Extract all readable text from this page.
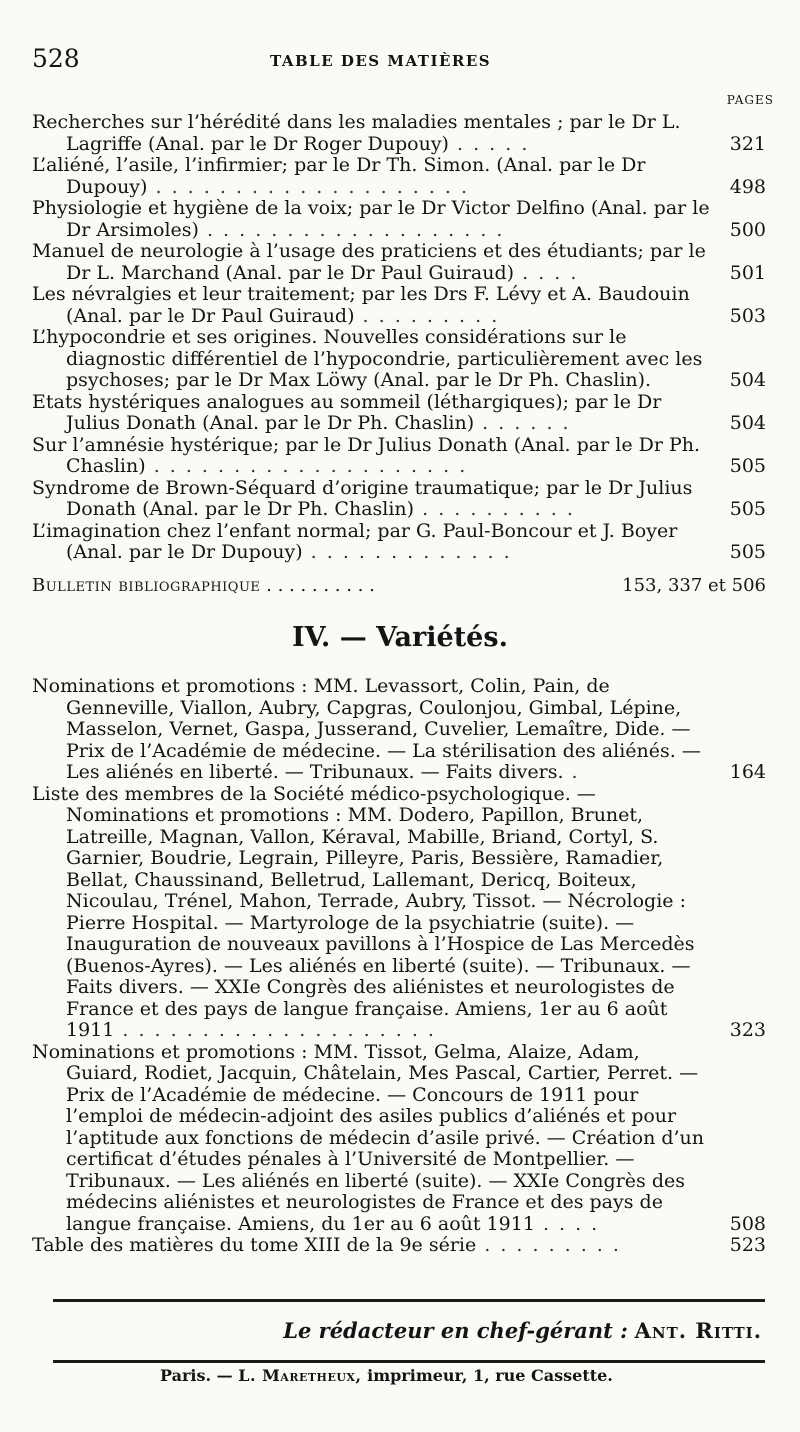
528	TABLE DES MATIÈRES
PAGES

Recherches sur l’hérédité dans les maladies mentales ; par le Dr L. Lagriffe (Anal. par le Dr Roger Dupouy) . . . . .	321

L’aliéné, l’asile, l’infirmier; par le Dr Th. Simon. (Anal. par le Dr Dupouy) . . . . . . . . . . . . . . . . . . . .	498

Physiologie et hygiène de la voix; par le Dr Victor Delfino (Anal. par le Dr Arsimoles) . . . . . . . . . . . . . . . . . . .	500

Manuel de neurologie à l’usage des praticiens et des étudiants; par le Dr L. Marchand (Anal. par le Dr Paul Guiraud) . . . .	501

Les névralgies et leur traitement; par les Drs F. Lévy et A. Baudouin (Anal. par le Dr Paul Guiraud) . . . . . . . . .	503

L’hypocondrie et ses origines. Nouvelles considérations sur le diagnostic différentiel de l’hypocondrie, particulièrement avec les psychoses; par le Dr Max Löwy (Anal. par le Dr Ph. Chaslin).	504

Etats hystériques analogues au sommeil (léthargiques); par le Dr Julius Donath (Anal. par le Dr Ph. Chaslin) . . . . . .	504

Sur l’amnésie hystérique; par le Dr Julius Donath (Anal. par le Dr Ph. Chaslin) . . . . . . . . . . . . . . . . . . . .	505

Syndrome de Brown-Séquard d’origine traumatique; par le Dr Julius Donath (Anal. par le Dr Ph. Chaslin) . . . . . . . . . .	505

L’imagination chez l’enfant normal; par G. Paul-Boncour et J. Boyer (Anal. par le Dr Dupouy) . . . . . . . . . . . . .	505

Bulletin bibliographique . . . . . . . . . .	153, 337 et 506
IV. — Variétés.

Nominations et promotions : MM. Levassort, Colin, Pain, de Genneville, Viallon, Aubry, Capgras, Coulonjou, Gimbal, Lépine, Masselon, Vernet, Gaspa, Jusserand, Cuvelier, Lemaître, Dide. — Prix de l’Académie de médecine. — La stérilisation des aliénés. — Les aliénés en liberté. — Tribunaux. — Faits divers. .	164

Liste des membres de la Société médico-psychologique. — Nominations et promotions : MM. Dodero, Papillon, Brunet, Latreille, Magnan, Vallon, Kéraval, Mabille, Briand, Cortyl, S. Garnier, Boudrie, Legrain, Pilleyre, Paris, Bessière, Ramadier, Bellat, Chaussinand, Belletrud, Lallemant, Dericq, Boiteux, Nicoulau, Trénel, Mahon, Terrade, Aubry, Tissot. — Nécrologie : Pierre Hospital. — Martyrologe de la psychiatrie (suite). — Inauguration de nouveaux pavillons à l’Hospice de Las Mercedès (Buenos-Ayres). — Les aliénés en liberté (suite). — Tribunaux. — Faits divers. — XXIe Congrès des aliénistes et neurologistes de France et des pays de langue française. Amiens, 1er au 6 août 1911 . . . . . . . . . . . . . . . . . . . .	323

Nominations et promotions : MM. Tissot, Gelma, Alaize, Adam, Guiard, Rodiet, Jacquin, Châtelain, Mes Pascal, Cartier, Perret. — Prix de l’Académie de médecine. — Concours de 1911 pour l’emploi de médecin-adjoint des asiles publics d’aliénés et pour l’aptitude aux fonctions de médecin d’asile privé. — Création d’un certificat d’études pénales à l’Université de Montpellier. — Tribunaux. — Les aliénés en liberté (suite). — XXIe Congrès des médecins aliénistes et neurologistes de France et des pays de langue française. Amiens, du 1er au 6 août 1911 . . . .	508

Table des matières du tome XIII de la 9e série . . . . . . . . .	523

Le rédacteur en chef-gérant : Ant. Ritti.
Paris. — L. Maretheux, imprimeur, 1, rue Cassette.
